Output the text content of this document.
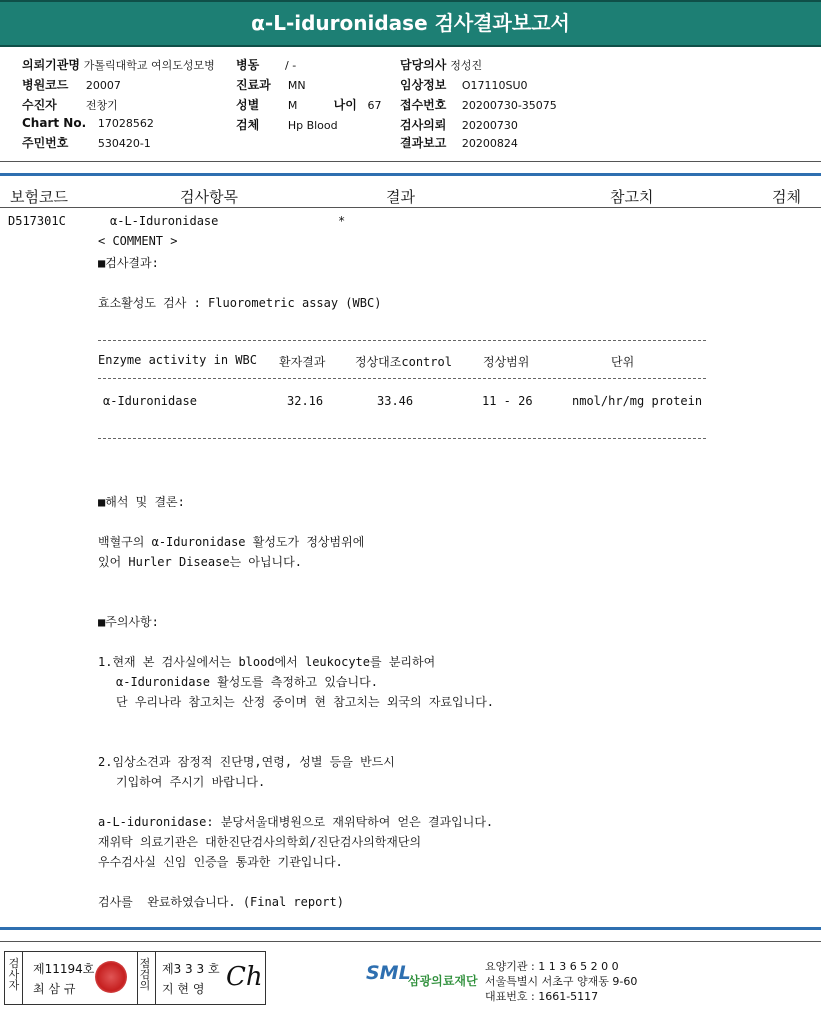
α-L-iduronidase 검사결과보고서
의뢰기관명 가톨릭대학교 여의도성모병 병동 / -	담당의사 정성진
병원코드 20007	진료과 MN	임상정보 O17110SU0
수진자	전창기	성별	M	나이 67 접수번호 20200730-35075
Chart No. 17028562	검체	Hp Blood	검사의뢰 20200730
주민번호	530420-1	결과보고 20200824
보험코드	검사항목	결과	참고치	검체
D517301C	α-L-Iduronidase	*
< COMMENT >
■검사결과:
효소활성도 검사 : Fluorometric assay (WBC)
Enzyme activity in WBC 환자결과 정상대조control	정상범위	단위
α-Iduronidase	32.16	33.46	11 - 26	nmol/hr/mg protein
■해석 및 결론:
백혈구의 α-Iduronidase 활성도가 정상범위에
있어 Hurler Disease는 아닙니다.
■주의사항:
1.현재 본 검사실에서는 blood에서 leukocyte를 분리하여
α-Iduronidase 활성도를 측정하고 있습니다.
단 우리나라 참고치는 산정 중이며 현 참고치는 외국의 자료입니다.
2.임상소견과 잠정적 진단명,연령, 성별 등을 반드시
기입하여 주시기 바랍니다.
a-L-iduronidase: 분당서울대병원으로 재위탁하여 얻은 결과입니다.
재위탁 의료기관은 대한진단검사의학회/진단검사의학재단의
우수검사실 신임 인증을 통과한 기관입니다.
검사를  완료하였습니다. (Final report)
검
사
자
제11194호
최 삼 규
점
검
의
제3 3 3 호
지 현 영 Ch	SML
삼광의료재단
요양기관 : 1 1 3 6 5 2 0 0
서울특별시 서초구 양재동 9-60
대표번호 : 1661-5117
